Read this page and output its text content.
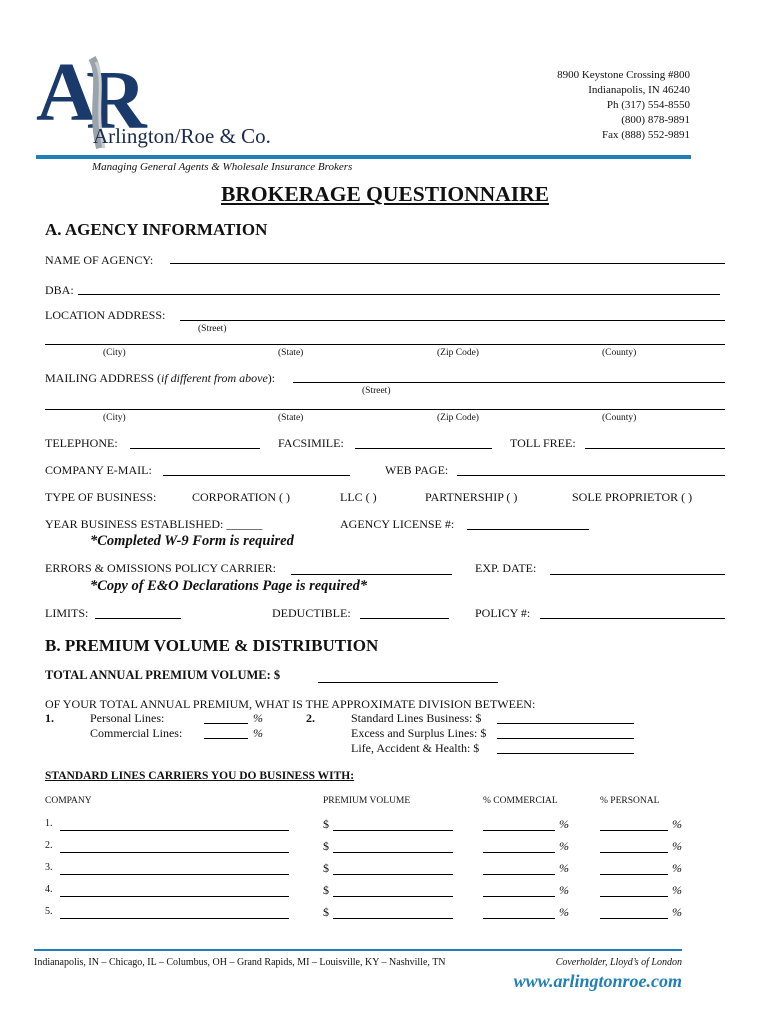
A
R
Arlington/Roe & Co.
Managing General Agents & Wholesale Insurance Brokers
8900 Keystone Crossing #800
Indianapolis, IN 46240
Ph (317) 554-8550
(800) 878-9891
Fax (888) 552-9891
BROKERAGE QUESTIONNAIRE
A. AGENCY INFORMATION
NAME OF AGENCY:
DBA:
LOCATION ADDRESS:
(Street)
(City)	(State)	(Zip Code)	(County)
MAILING ADDRESS (if different from above):
(Street)
(City)	(State)	(Zip Code)	(County)
TELEPHONE:	FACSIMILE:	TOLL FREE:
COMPANY E-MAIL:	WEB PAGE:
TYPE OF BUSINESS:	CORPORATION ( )	LLC ( )	PARTNERSHIP ( )	SOLE PROPRIETOR ( )
YEAR BUSINESS ESTABLISHED: ______	AGENCY LICENSE #:
*Completed W-9 Form is required
ERRORS & OMISSIONS POLICY CARRIER:	EXP. DATE:
*Copy of E&O Declarations Page is required*
LIMITS:	DEDUCTIBLE:	POLICY #:
B. PREMIUM VOLUME & DISTRIBUTION
TOTAL ANNUAL PREMIUM VOLUME: $
OF YOUR TOTAL ANNUAL PREMIUM, WHAT IS THE APPROXIMATE DIVISION BETWEEN:
1.	Personal Lines:	%
Commercial Lines:	%
2.	Standard Lines Business: $
Excess and Surplus Lines: $
Life, Accident & Health: $
STANDARD LINES CARRIERS YOU DO BUSINESS WITH:
COMPANY	PREMIUM VOLUME	% COMMERCIAL	% PERSONAL
1.	$	%	%
2.	$	%	%
3.	$	%	%
4.	$	%	%
5.	$	%	%
Indianapolis, IN – Chicago, IL – Columbus, OH – Grand Rapids, MI – Louisville, KY – Nashville, TN	Coverholder, Lloyd’s of London
www.arlingtonroe.com
